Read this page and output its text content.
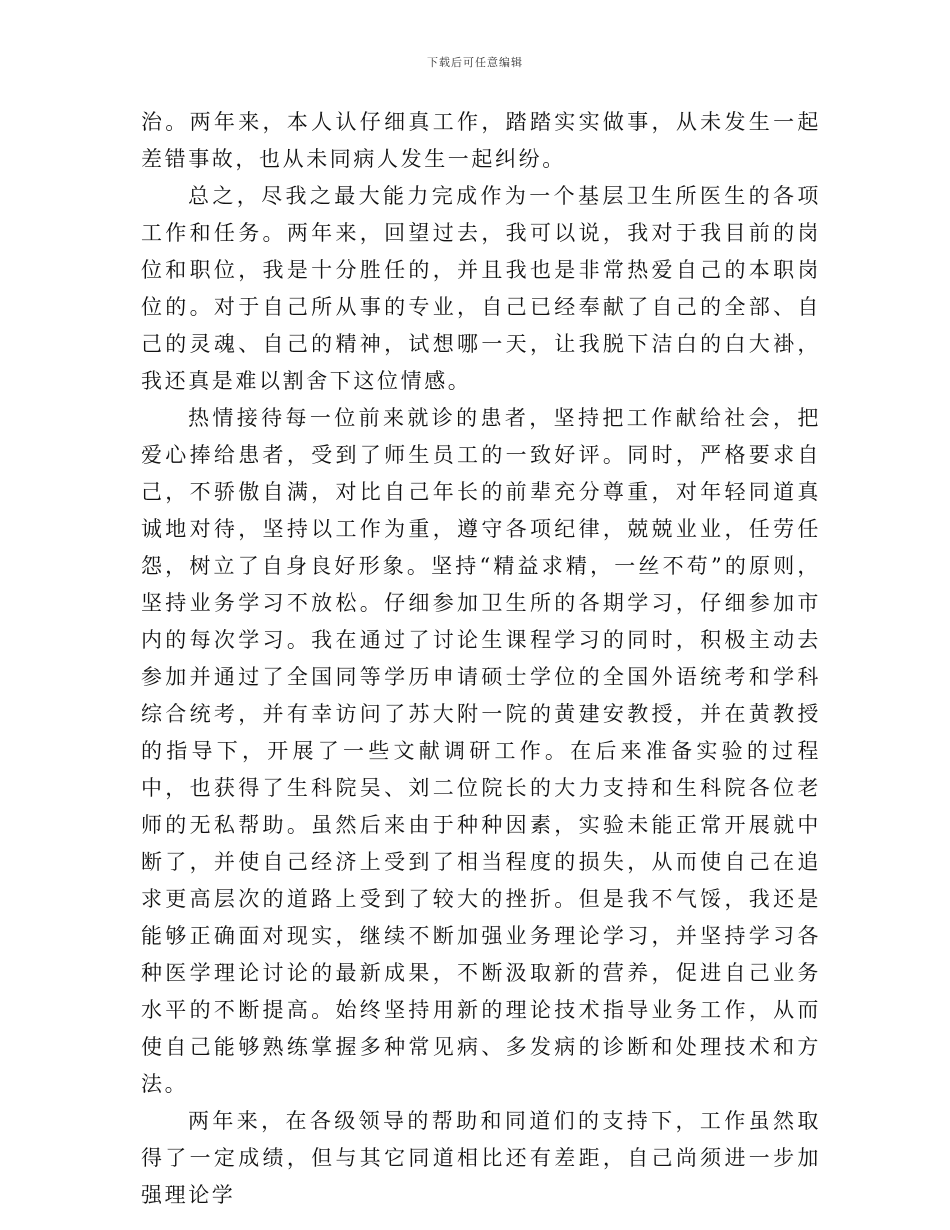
下载后可任意编辑

治。两年来，本人认仔细真工作，踏踏实实做事，从未发生一起差错事故，也从未同病人发生一起纠纷。

总之，尽我之最大能力完成作为一个基层卫生所医生的各项工作和任务。两年来，回望过去，我可以说，我对于我目前的岗位和职位，我是十分胜任的，并且我也是非常热爱自己的本职岗位的。对于自己所从事的专业，自己已经奉献了自己的全部、自己的灵魂、自己的精神，试想哪一天，让我脱下洁白的白大褂，我还真是难以割舍下这位情感。

热情接待每一位前来就诊的患者，坚持把工作献给社会，把爱心捧给患者，受到了师生员工的一致好评。同时，严格要求自己，不骄傲自满，对比自己年长的前辈充分尊重，对年轻同道真诚地对待，坚持以工作为重，遵守各项纪律，兢兢业业，任劳任怨，树立了自身良好形象。坚持“精益求精，一丝不苟”的原则，坚持业务学习不放松。仔细参加卫生所的各期学习，仔细参加市内的每次学习。我在通过了讨论生课程学习的同时，积极主动去参加并通过了全国同等学历申请硕士学位的全国外语统考和学科综合统考，并有幸访问了苏大附一院的黄建安教授，并在黄教授的指导下，开展了一些文献调研工作。在后来准备实验的过程中，也获得了生科院吴、刘二位院长的大力支持和生科院各位老师的无私帮助。虽然后来由于种种因素，实验未能正常开展就中断了，并使自己经济上受到了相当程度的损失，从而使自己在追求更高层次的道路上受到了较大的挫折。但是我不气馁，我还是能够正确面对现实，继续不断加强业务理论学习，并坚持学习各种医学理论讨论的最新成果，不断汲取新的营养，促进自己业务水平的不断提高。始终坚持用新的理论技术指导业务工作，从而使自己能够熟练掌握多种常见病、多发病的诊断和处理技术和方法。

两年来，在各级领导的帮助和同道们的支持下，工作虽然取得了一定成绩，但与其它同道相比还有差距，自己尚须进一步加强理论学
